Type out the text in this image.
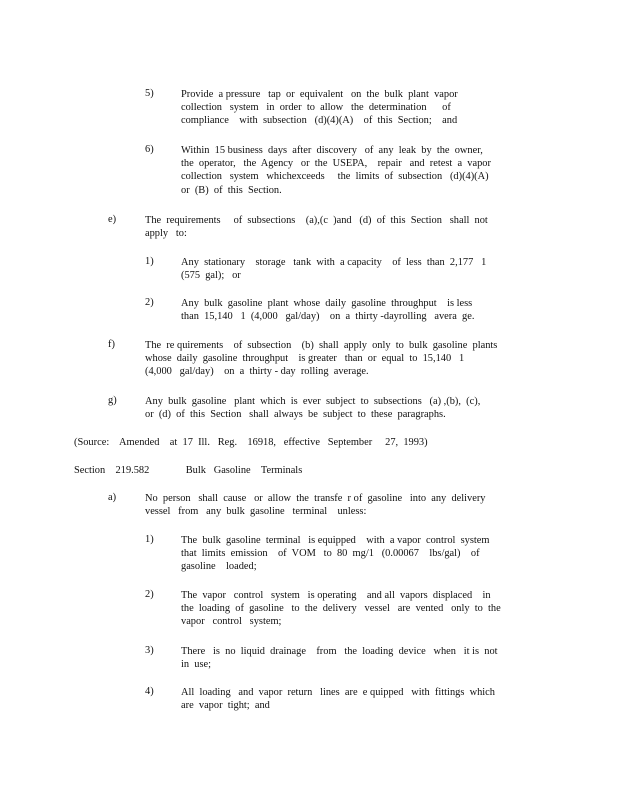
5)	Provide  a pressure   tap  or  equivalent   on  the  bulk  plant  vapor
collection   system   in  order  to  allow   the  determination      of
compliance    with  subsection   (d)(4)(A)    of  this  Section;    and
6)	Within  15 business  days  after  discovery   of  any  leak  by  the  owner,
the  operator,   the  Agency   or  the  USEPA,    repair   and  retest  a  vapor
collection   system   whichexceeds     the  limits  of  subsection   (d)(4)(A)
or  (B)  of  this  Section.
e)	The  requirements     of  subsections    (a),(c  )and   (d)  of  this  Section   shall  not
apply   to:
1)	Any  stationary    storage   tank  with  a capacity    of  less  than  2,177   1
(575  gal);   or
2)	Any  bulk  gasoline  plant  whose  daily  gasoline  throughput    is less
than  15,140   1  (4,000   gal/day)    on  a  thirty -dayrolling   avera  ge.
f)	The  re quirements    of  subsection    (b)  shall  apply  only  to  bulk  gasoline  plants
whose  daily  gasoline  throughput    is greater   than  or  equal  to  15,140   1
(4,000   gal/day)    on  a  thirty - day  rolling  average.
g)	Any  bulk  gasoline   plant  which  is  ever  subject  to  subsections   (a) ,(b),  (c),
or  (d)  of  this  Section   shall  always  be  subject  to  these  paragraphs.
(Source:    Amended    at  17  Ill.   Reg.    16918,   effective   September     27,  1993)
Section    219.582              Bulk   Gasoline    Terminals
a)	No  person   shall  cause   or  allow  the  transfe  r of  gasoline   into  any  delivery
vessel   from   any  bulk  gasoline   terminal    unless:
1)	The  bulk  gasoline  terminal   is equipped    with  a vapor  control  system
that  limits  emission    of  VOM   to  80  mg/1   (0.00067    lbs/gal)    of
gasoline    loaded;
2)	The  vapor   control   system   is operating    and all  vapors  displaced    in
the  loading  of  gasoline   to  the  delivery   vessel   are  vented   only  to  the
vapor   control   system;
3)	There   is  no  liquid  drainage    from   the  loading  device   when   it is  not
in  use;
4)	All  loading   and  vapor  return   lines  are  e quipped   with  fittings  which
are  vapor  tight;  and
